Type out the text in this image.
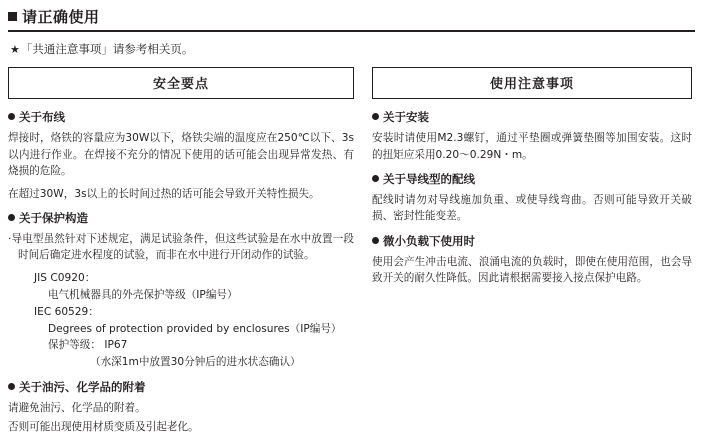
请正确使用
★「共通注意事项」请参考相关页。
安全要点
关于布线

焊接时，烙铁的容量应为30W以下，烙铁尖端的温度应在250℃以下、3s以内进行作业。在焊接不充分的情况下使用的话可能会出现异常发热、有烧损的危险。

在超过30W，3s以上的长时间过热的话可能会导致开关特性损失。

关于保护构造

·导电型虽然针对下述规定，满足试验条件，但这些试验是在水中放置一段时间后确定进水程度的试验，而非在水中进行开闭动作的试验。

JIS C0920：

电气机械器具的外壳保护等级（IP编号）

IEC 60529：

Degrees of protection provided by enclosures（IP编号）

保护等级： IP67

（水深1m中放置30分钟后的进水状态确认）

关于油污、化学品的附着

请避免油污、化学品的附着。

否则可能出现使用材质变质及引起老化。

使用注意事项
关于安装

安装时请使用M2.3螺钉，通过平垫圈或弹簧垫圈等加围安装。这时的扭矩应采用0.20～0.29N・m。

关于导线型的配线

配线时请勿对导线施加负重、或使导线弯曲。否则可能导致开关破损、密封性能变差。

微小负载下使用时

使用会产生冲击电流、浪涌电流的负载时，即使在使用范围，也会导致开关的耐久性降低。因此请根据需要接入接点保护电路。
